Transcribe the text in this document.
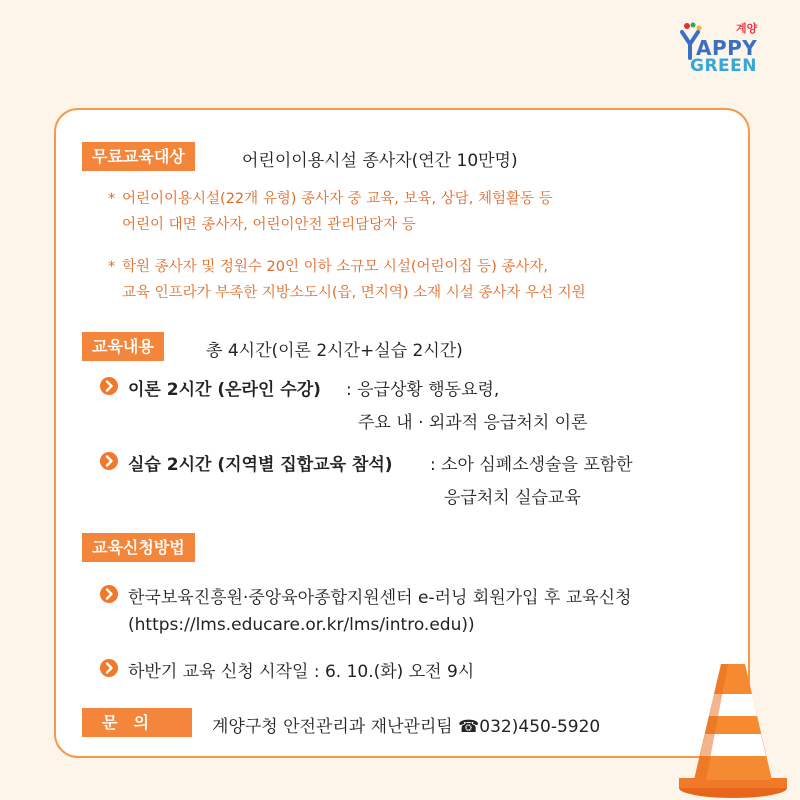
계양
APPY
GREEN
무료교육대상	어린이이용시설 종사자(연간 10만명)
* 어린이이용시설(22개 유형) 종사자 중 교육, 보육, 상담, 체험활동 등
어린이 대면 종사자, 어린이안전 관리담당자 등
* 학원 종사자 및 정원수 20인 이하 소규모 시설(어린이집 등) 종사자,
교육 인프라가 부족한 지방소도시(읍, 면지역) 소재 시설 종사자 우선 지원
교육내용	총 4시간(이론 2시간+실습 2시간)
이론 2시간 (온라인 수강) : 응급상황 행동요령,
주요 내 · 외과적 응급처치 이론
실습 2시간 (지역별 집합교육 참석) : 소아 심폐소생술을 포함한
응급처치 실습교육
교육신청방법
한국보육진흥원·중앙육아종합지원센터 e-러닝 회원가입 후 교육신청
(https://lms.educare.or.kr/lms/intro.edu))
하반기 교육 신청 시작일 : 6. 10.(화) 오전 9시
문의	계양구청 안전관리과 재난관리팀 ☎032)450-5920
